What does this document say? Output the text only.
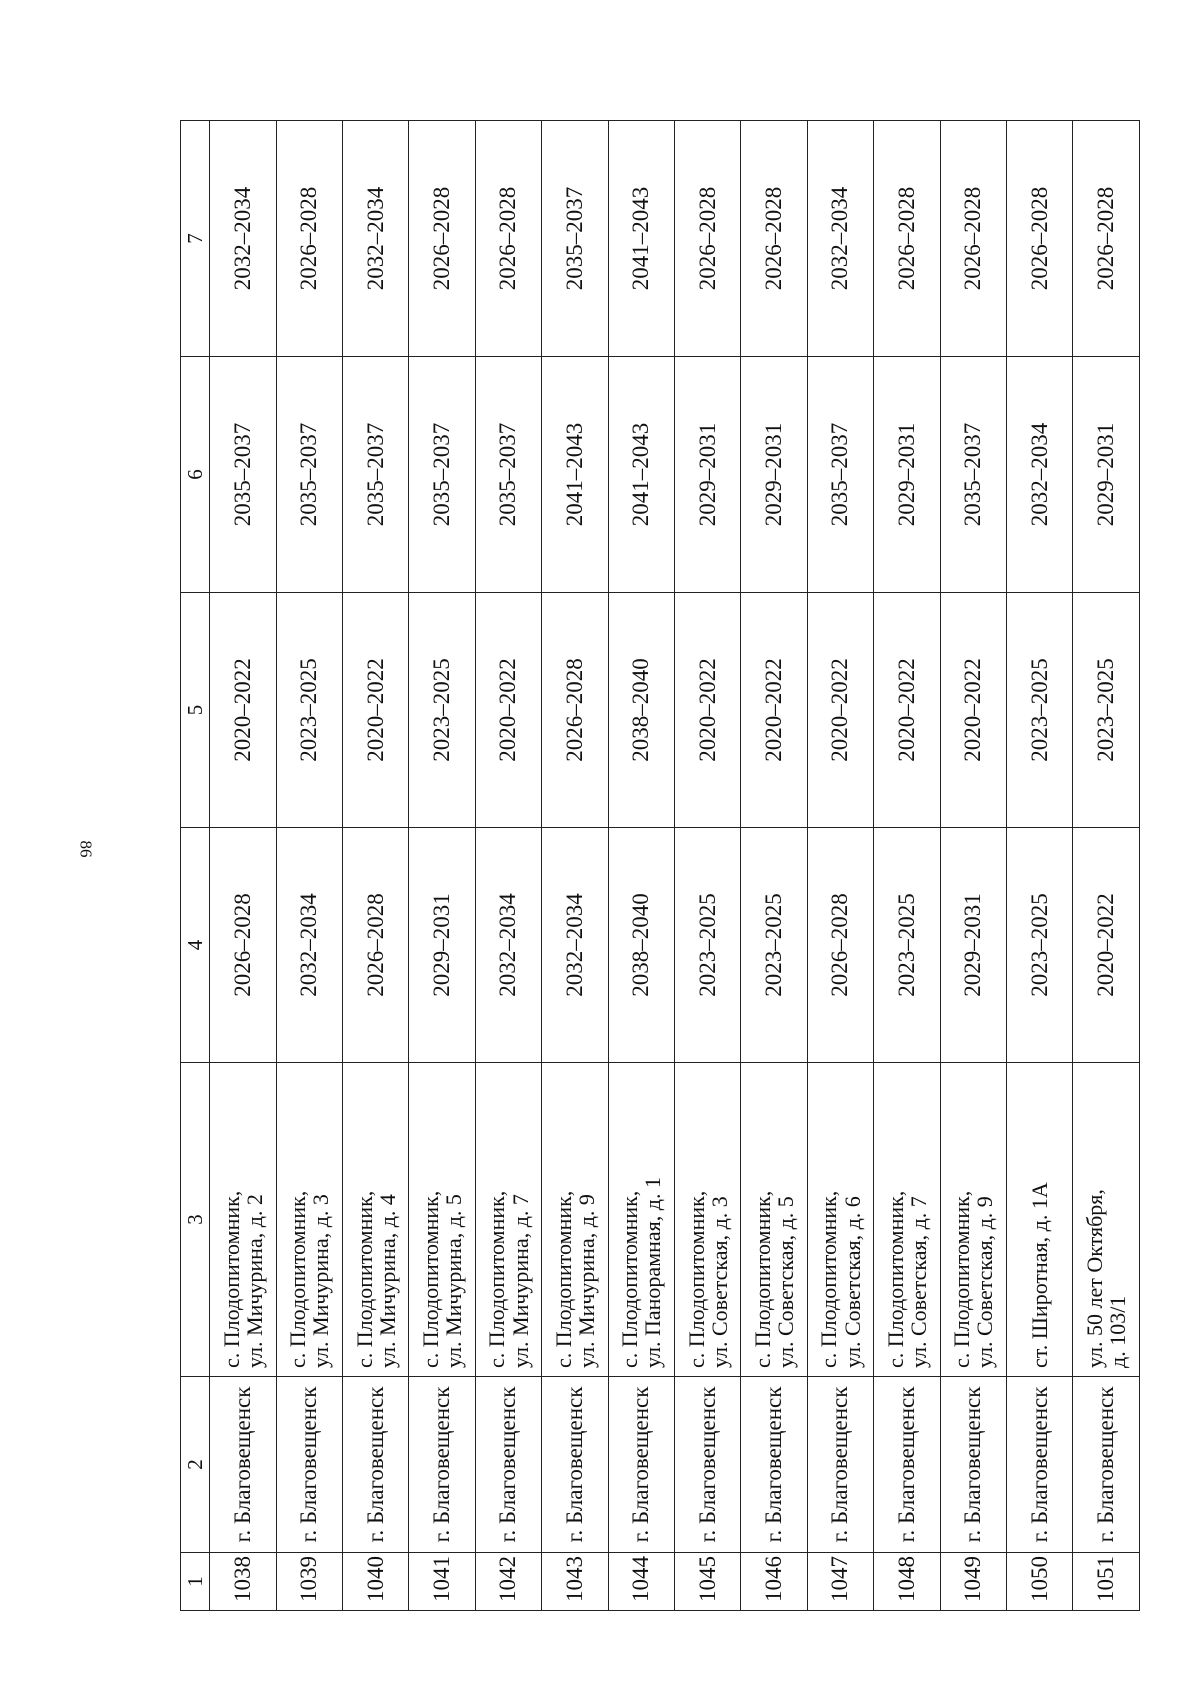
86
1	2	3	4	5	6	7
1038	г. Благовещенск	с. Плодопитомник,
ул. Мичурина, д. 2	2026–2028	2020–2022	2035–2037	2032–2034
1039	г. Благовещенск	с. Плодопитомник,
ул. Мичурина, д. 3	2032–2034	2023–2025	2035–2037	2026–2028
1040	г. Благовещенск	с. Плодопитомник,
ул. Мичурина, д. 4	2026–2028	2020–2022	2035–2037	2032–2034
1041	г. Благовещенск	с. Плодопитомник,
ул. Мичурина, д. 5	2029–2031	2023–2025	2035–2037	2026–2028
1042	г. Благовещенск	с. Плодопитомник,
ул. Мичурина, д. 7	2032–2034	2020–2022	2035–2037	2026–2028
1043	г. Благовещенск	с. Плодопитомник,
ул. Мичурина, д. 9	2032–2034	2026–2028	2041–2043	2035–2037
1044	г. Благовещенск	с. Плодопитомник,
ул. Панорамная, д. 1	2038–2040	2038–2040	2041–2043	2041–2043
1045	г. Благовещенск	с. Плодопитомник,
ул. Советская, д. 3	2023–2025	2020–2022	2029–2031	2026–2028
1046	г. Благовещенск	с. Плодопитомник,
ул. Советская, д. 5	2023–2025	2020–2022	2029–2031	2026–2028
1047	г. Благовещенск	с. Плодопитомник,
ул. Советская, д. 6	2026–2028	2020–2022	2035–2037	2032–2034
1048	г. Благовещенск	с. Плодопитомник,
ул. Советская, д. 7	2023–2025	2020–2022	2029–2031	2026–2028
1049	г. Благовещенск	с. Плодопитомник,
ул. Советская, д. 9	2029–2031	2020–2022	2035–2037	2026–2028
1050	г. Благовещенск	ст. Широтная, д. 1А	2023–2025	2023–2025	2032–2034	2026–2028
1051	г. Благовещенск	ул. 50 лет Октября,
д. 103/1	2020–2022	2023–2025	2029–2031	2026–2028
